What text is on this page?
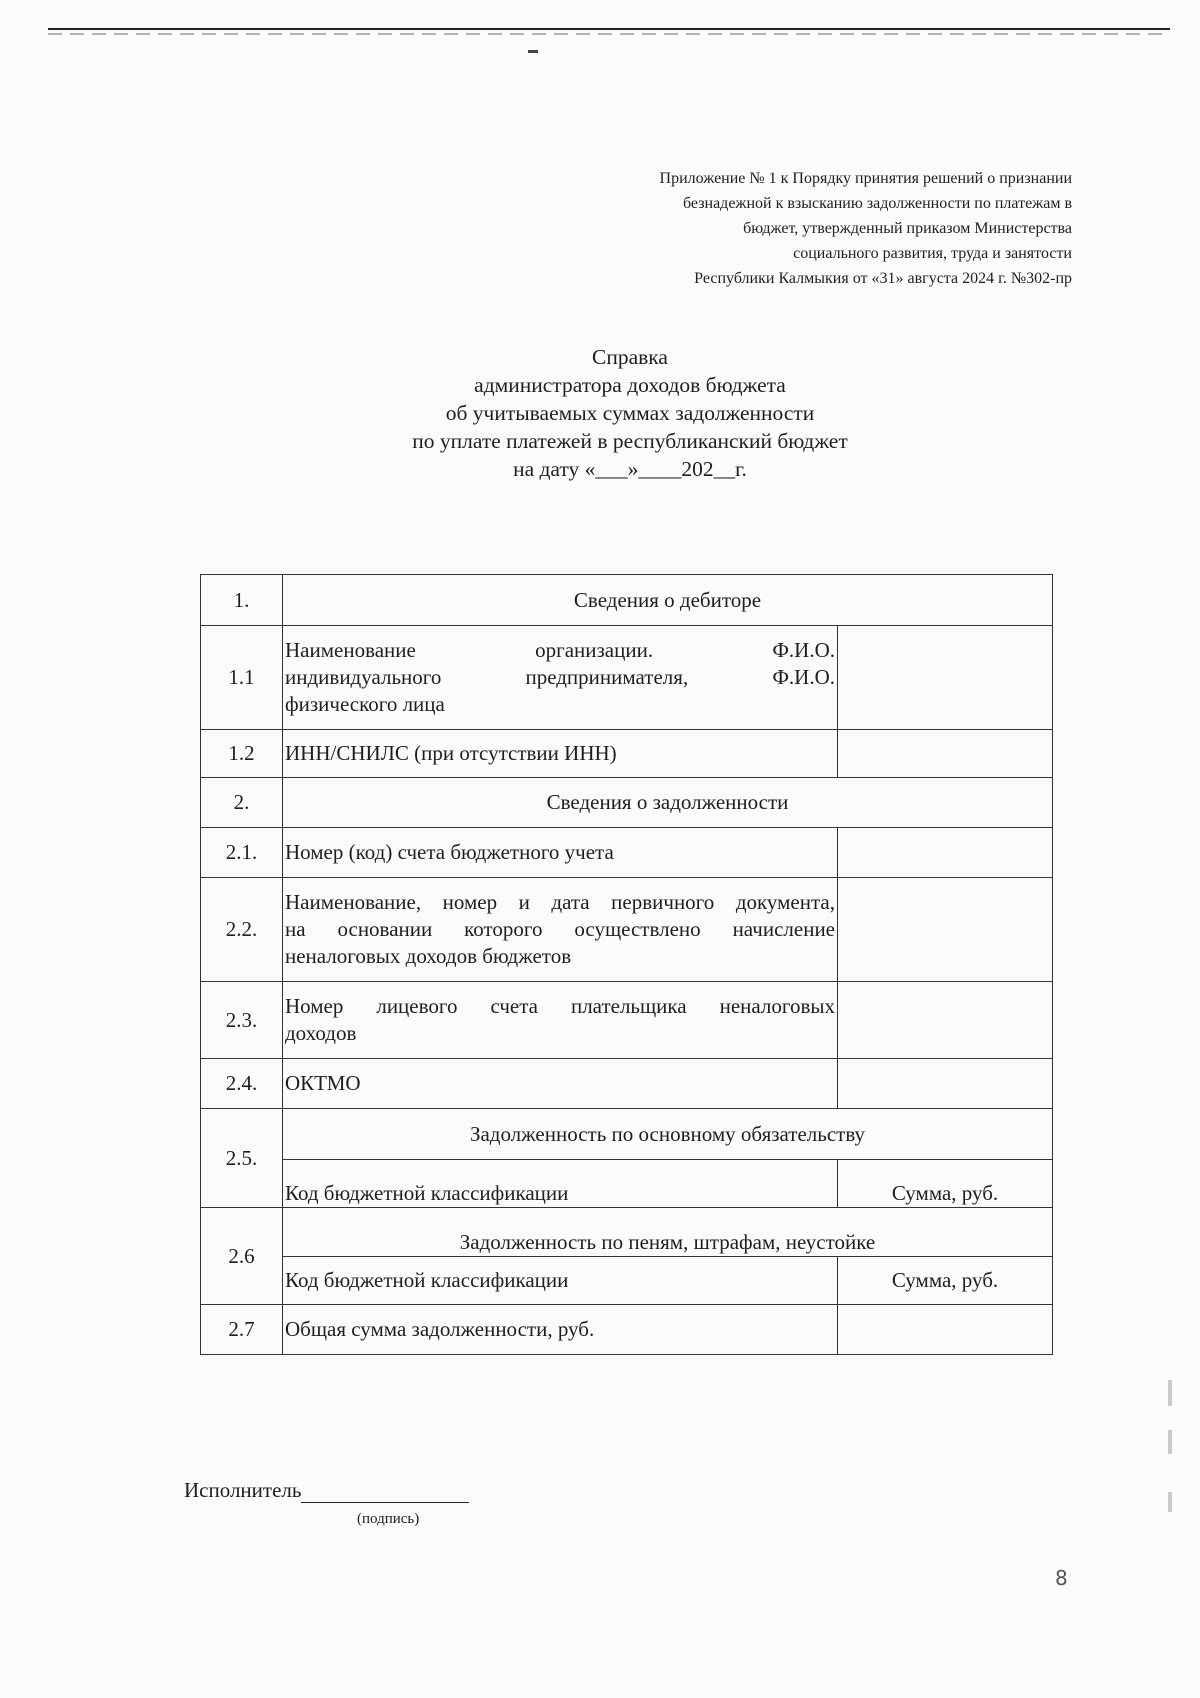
Приложение № 1 к Порядку принятия решений о признании
безнадежной к взысканию задолженности по платежам в
бюджет, утвержденный приказом Министерства
социального развития, труда и занятости
Республики Калмыкия от «31» августа 2024 г. №302-пр
Справка
администратора доходов бюджета
об учитываемых суммах задолженности
по уплате платежей в республиканский бюджет
на дату «___»____202__г.
1.	Сведения о дебиторе	
1.1	Наименование организации. Ф.И.О.
индивидуального предпринимателя, Ф.И.О.
физического лица	

1.2	ИНН/СНИЛС (при отсутствии ИНН)	
2.	Сведения о задолженности	
2.1.	Номер (код) счета бюджетного учета	
2.2.	Наименование, номер и дата первичного документа,
на основании которого осуществлено начисление
неналоговых доходов бюджетов	

2.3.	Номер лицевого счета плательщика неналоговых
доходов	

2.4.	ОКТМО	
2.5.	Задолженность по основному обязательству	
	Код бюджетной классификации	Сумма, руб.
2.6	Задолженность по пеням, штрафам, неустойке	
	Код бюджетной классификации	Сумма, руб.
2.7	Общая сумма задолженности, руб.	
Исполнитель
(подпись)
8
